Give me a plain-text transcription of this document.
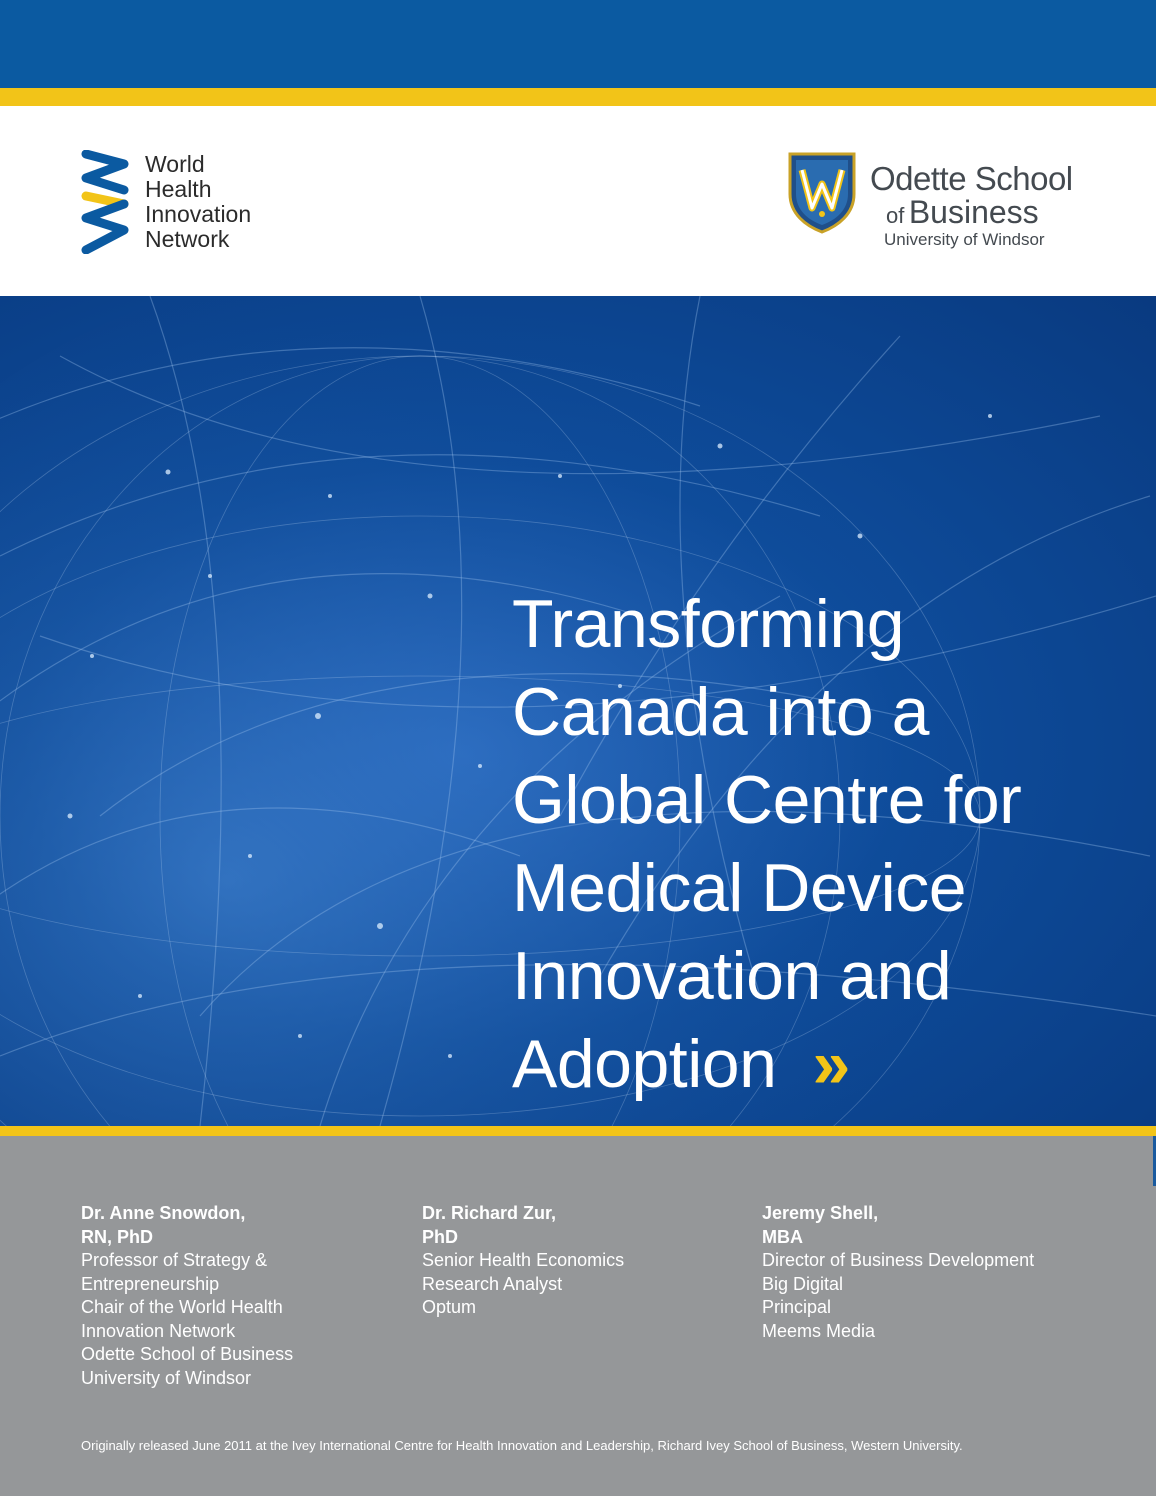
World
Health
Innovation
Network
Odette School
of Business
University of Windsor
Transforming
Canada into a
Global Centre for
Medical Device
Innovation and
Adoption »
Dr. Anne Snowdon,
RN, PhD
Professor of Strategy &
Entrepreneurship
Chair of the World Health
Innovation Network
Odette School of Business
University of Windsor
Dr. Richard Zur,
PhD
Senior Health Economics
Research Analyst
Optum
Jeremy Shell,
MBA
Director of Business Development
Big Digital
Principal
Meems Media
Originally released June 2011 at the Ivey International Centre for Health Innovation and Leadership, Richard Ivey School of Business, Western University.
